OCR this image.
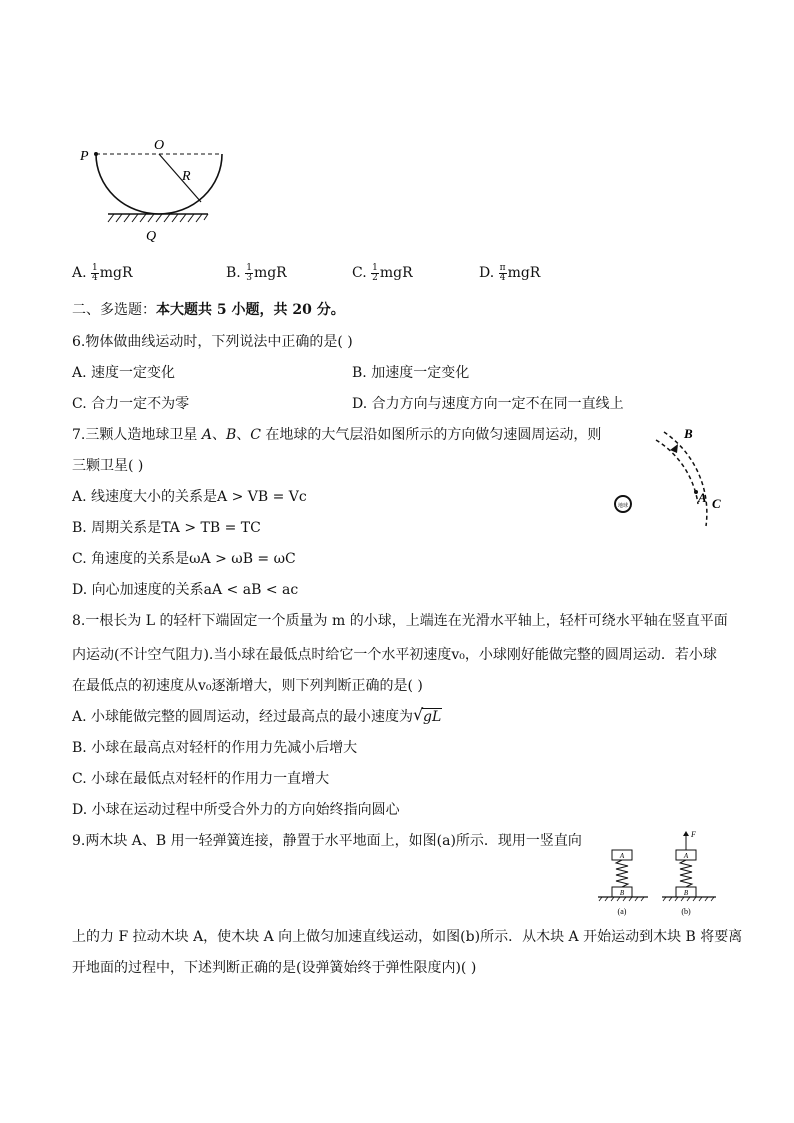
P
O
R
Q
A. $\frac{1}{4}$ mgR	B. $\frac{1}{3}$ mgR	C. $\frac{1}{2}$ mgR	D. $\frac{\pi}{4}$ mgR
二、多选题：本大题共 5 小题，共 20 分。
6.物体做曲线运动时，下列说法中正确的是( )
A. 速度一定变化	B. 加速度一定变化
C. 合力一定不为零	D. 合力方向与速度方向一定不在同一直线上
7.三颗人造地球卫星 A、B、C 在地球的大气层沿如图所示的方向做匀速圆周运动，则
三颗卫星( )
A. 线速度大小的关系是A > VB = Vc
B. 周期关系是TA > TB = TC
C. 角速度的关系是ωA > ωB = ωC
D. 向心加速度的关系aA < aB < ac
地球
B
A C
8.一根长为 L 的轻杆下端固定一个质量为 m 的小球，上端连在光滑水平轴上，轻杆可绕水平轴在竖直平面
内运动(不计空气阻力).当小球在最低点时给它一个水平初速度v₀，小球刚好能做完整的圆周运动．若小球
在最低点的初速度从v₀逐渐增大，则下列判断正确的是( )
A. 小球能做完整的圆周运动，经过最高点的最小速度为 √ gL
B. 小球在最高点对轻杆的作用力先减小后增大
C. 小球在最低点对轻杆的作用力一直增大
D. 小球在运动过程中所受合外力的方向始终指向圆心
9.两木块 A、B 用一轻弹簧连接，静置于水平地面上，如图(a)所示．现用一竖直向
A
B
(a)
F
A
B
(b)
上的力 F 拉动木块 A，使木块 A 向上做匀加速直线运动，如图(b)所示．从木块 A 开始运动到木块 B 将要离
开地面的过程中，下述判断正确的是(设弹簧始终于弹性限度内)( )
